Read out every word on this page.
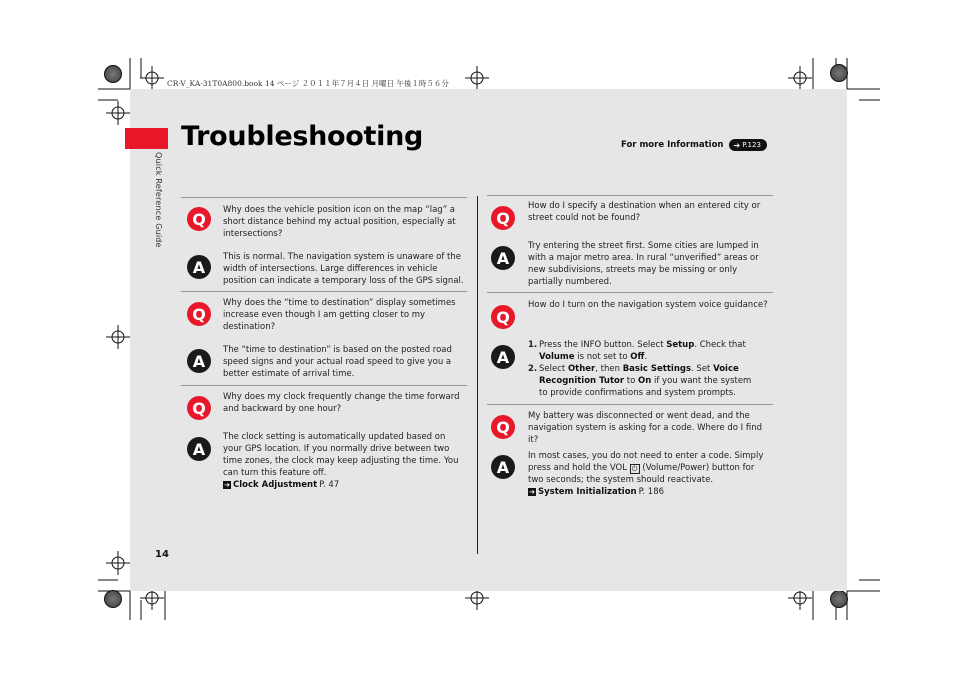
CR-V_KA-31T0A800.book 14 ページ ２０１１年７月４日 月曜日 午後１時５６分
Troubleshooting
Quick Reference Guide
For more Information ➔ P.123
Q	Why does the vehicle position icon on the map “lag” a short distance behind my actual position, especially at intersections?
A
This is normal. The navigation system is unaware of the width of intersections. Large differences in vehicle position can indicate a temporary loss of the GPS signal.
Q
Why does the “time to destination” display sometimes increase even though I am getting closer to my destination?
A
The “time to destination” is based on the posted road speed signs and your actual road speed to give you a better estimate of arrival time.
Q
Why does my clock frequently change the time forward and backward by one hour?
A
The clock setting is automatically updated based on your GPS location. If you normally drive between two time zones, the clock may keep adjusting the time. You can turn this feature off.
➔ Clock Adjustment P. 47
Q
How do I specify a destination when an entered city or street could not be found?
A
Try entering the street first. Some cities are lumped in with a major metro area. In rural “unverified” areas or new subdivisions, streets may be missing or only partially numbered.
Q
How do I turn on the navigation system voice guidance?
A
1. Press the INFO button. Select Setup. Check that Volume is not set to Off.
2. Select Other, then Basic Settings. Set Voice Recognition Tutor to On if you want the system to provide confirmations and system prompts.
Q
My battery was disconnected or went dead, and the navigation system is asking for a code. Where do I find it?
A
In most cases, you do not need to enter a code. Simply press and hold the VOL ⏻ (Volume/Power) button for two seconds; the system should reactivate.
➔ System Initialization P. 186
14
